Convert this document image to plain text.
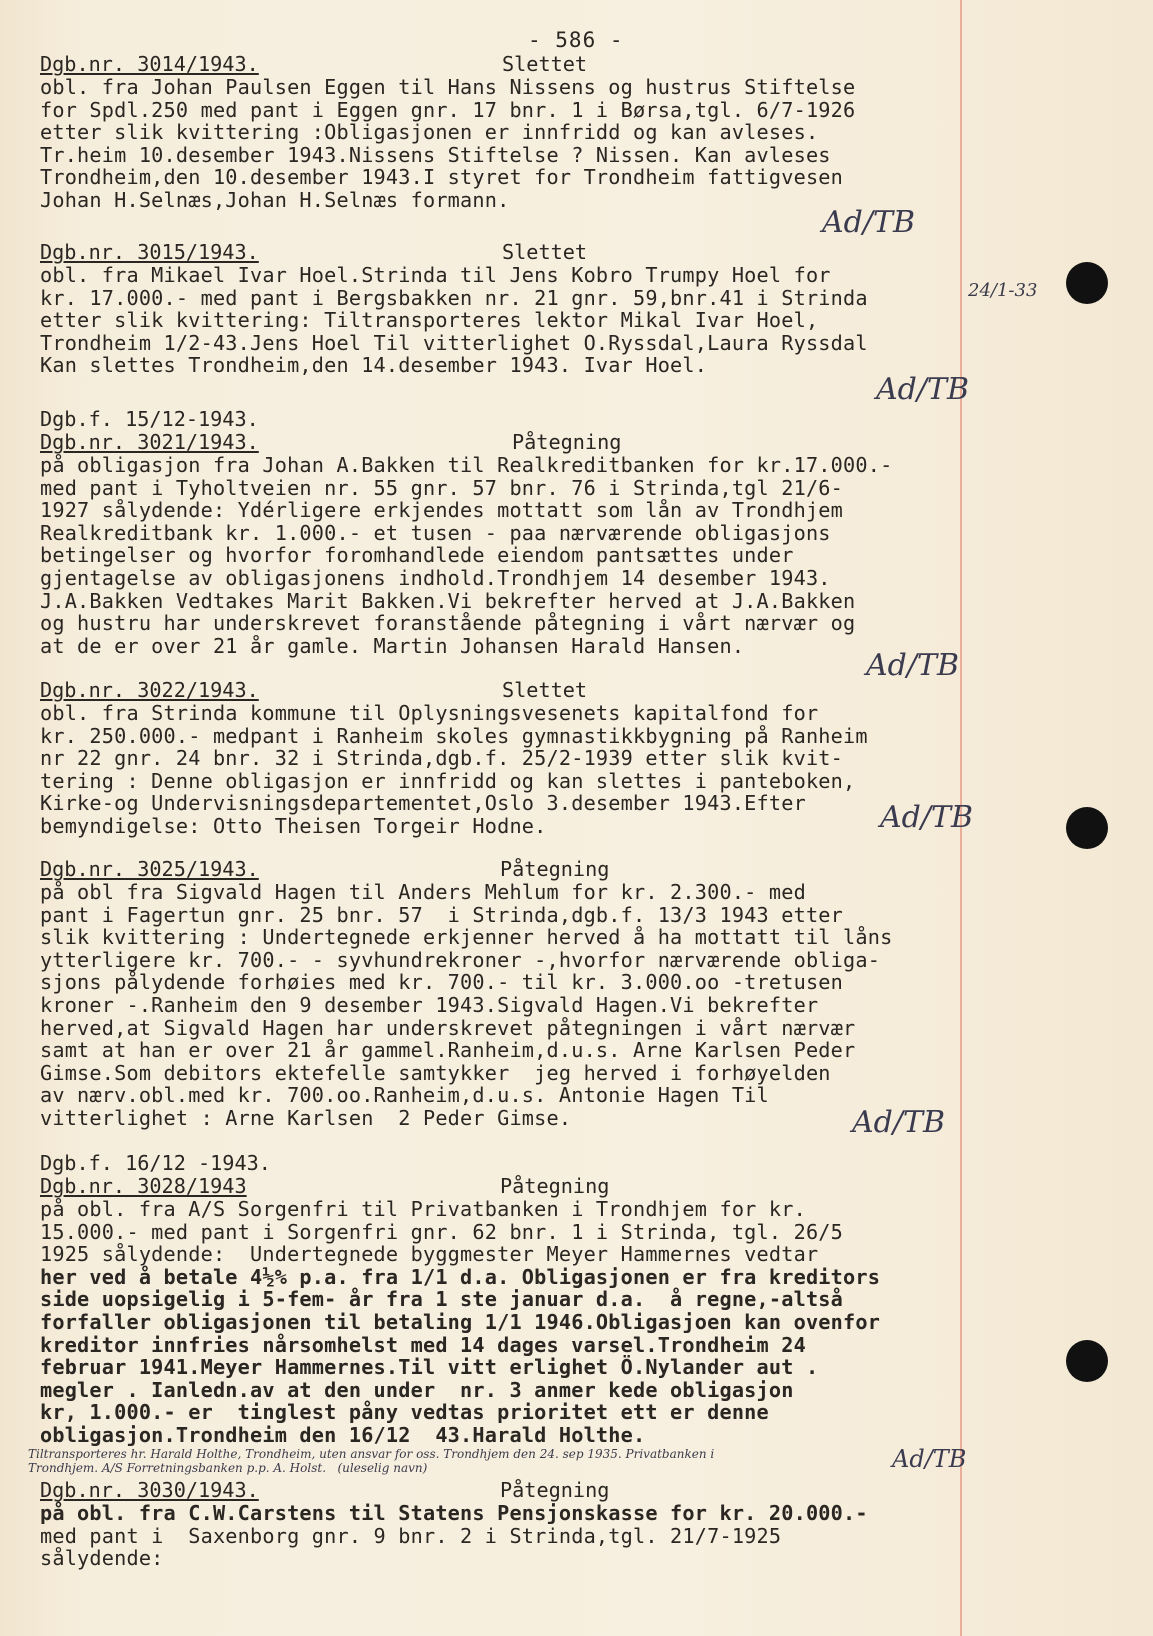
- 586 -
Dgb.nr. 3014/1943.	Slettet
obl. fra Johan Paulsen Eggen til Hans Nissens og hustrus Stiftelse
for Spdl.250 med pant i Eggen gnr. 17 bnr. 1 i Børsa,tgl. 6/7-1926
etter slik kvittering :Obligasjonen er innfridd og kan avleses.
Tr.heim 10.desember 1943.Nissens Stiftelse ? Nissen. Kan avleses
Trondheim,den 10.desember 1943.I styret for Trondheim fattigvesen
Johan H.Selnæs,Johan H.Selnæs formann.
Dgb.nr. 3015/1943.	Slettet
obl. fra Mikael Ivar Hoel.Strinda til Jens Kobro Trumpy Hoel for
kr. 17.000.- med pant i Bergsbakken nr. 21 gnr. 59,bnr.41 i Strinda
etter slik kvittering: Tiltransporteres lektor Mikal Ivar Hoel,
Trondheim 1/2-43.Jens Hoel Til vitterlighet O.Ryssdal,Laura Ryssdal
Kan slettes Trondheim,den 14.desember 1943. Ivar Hoel.
Dgb.f. 15/12-1943.
Dgb.nr. 3021/1943.	Påtegning
på obligasjon fra Johan A.Bakken til Realkreditbanken for kr.17.000.-
med pant i Tyholtveien nr. 55 gnr. 57 bnr. 76 i Strinda,tgl 21/6-
1927 sålydende: Ydérligere erkjendes mottatt som lån av Trondhjem
Realkreditbank kr. 1.000.- et tusen - paa nærværende obligasjons
betingelser og hvorfor foromhandlede eiendom pantsættes under
gjentagelse av obligasjonens indhold.Trondhjem 14 desember 1943.
J.A.Bakken Vedtakes Marit Bakken.Vi bekrefter herved at J.A.Bakken
og hustru har underskrevet foranstående påtegning i vårt nærvær og
at de er over 21 år gamle. Martin Johansen Harald Hansen.
Dgb.nr. 3022/1943.	Slettet
obl. fra Strinda kommune til Oplysningsvesenets kapitalfond for
kr. 250.000.- medpant i Ranheim skoles gymnastikkbygning på Ranheim
nr 22 gnr. 24 bnr. 32 i Strinda,dgb.f. 25/2-1939 etter slik kvit-
tering : Denne obligasjon er innfridd og kan slettes i panteboken,
Kirke-og Undervisningsdepartementet,Oslo 3.desember 1943.Efter
bemyndigelse: Otto Theisen Torgeir Hodne.
Dgb.nr. 3025/1943.	Påtegning
på obl fra Sigvald Hagen til Anders Mehlum for kr. 2.300.- med
pant i Fagertun gnr. 25 bnr. 57  i Strinda,dgb.f. 13/3 1943 etter
slik kvittering : Undertegnede erkjenner herved å ha mottatt til låns
ytterligere kr. 700.- - syvhundrekroner -,hvorfor nærværende obliga-
sjons pålydende forhøies med kr. 700.- til kr. 3.000.oo -tretusen
kroner -.Ranheim den 9 desember 1943.Sigvald Hagen.Vi bekrefter
herved,at Sigvald Hagen har underskrevet påtegningen i vårt nærvær
samt at han er over 21 år gammel.Ranheim,d.u.s. Arne Karlsen Peder
Gimse.Som debitors ektefelle samtykker  jeg herved i forhøyelden
av nærv.obl.med kr. 700.oo.Ranheim,d.u.s. Antonie Hagen Til
vitterlighet : Arne Karlsen  2 Peder Gimse.
Dgb.f. 16/12 -1943.
Dgb.nr. 3028/1943	Påtegning
på obl. fra A/S Sorgenfri til Privatbanken i Trondhjem for kr.
15.000.- med pant i Sorgenfri gnr. 62 bnr. 1 i Strinda, tgl. 26/5
1925 sålydende:  Undertegnede byggmester Meyer Hammernes vedtar
her ved å betale 4½% p.a. fra 1/1 d.a. Obligasjonen er fra kreditors
side uopsigelig i 5-fem- år fra 1 ste januar d.a.  å regne,-altså
forfaller obligasjonen til betaling 1/1 1946.Obligasjoen kan ovenfor
kreditor innfries nårsomhelst med 14 dages varsel.Trondheim 24
februar 1941.Meyer Hammernes.Til vitt erlighet Ö.Nylander aut .
megler . Ianledn.av at den under  nr. 3 anmer kede obligasjon
kr, 1.000.- er  tinglest påny vedtas prioritet ett er denne
obligasjon.Trondheim den 16/12  43.Harald Holthe.
Tiltransporteres hr. Harald Holthe, Trondheim, uten ansvar for oss. Trondhjem den 24. sep 1935. Privatbanken i
Trondhjem. A/S Forretningsbanken p.p. A. Holst.   (uleselig navn)
Dgb.nr. 3030/1943.	Påtegning
på obl. fra C.W.Carstens til Statens Pensjonskasse for kr. 20.000.-
med pant i  Saxenborg gnr. 9 bnr. 2 i Strinda,tgl. 21/7-1925
sålydende:
Ad/TB
Ad/TB
Ad/TB
Ad/TB
Ad/TB
Ad/TB
24/1-33
